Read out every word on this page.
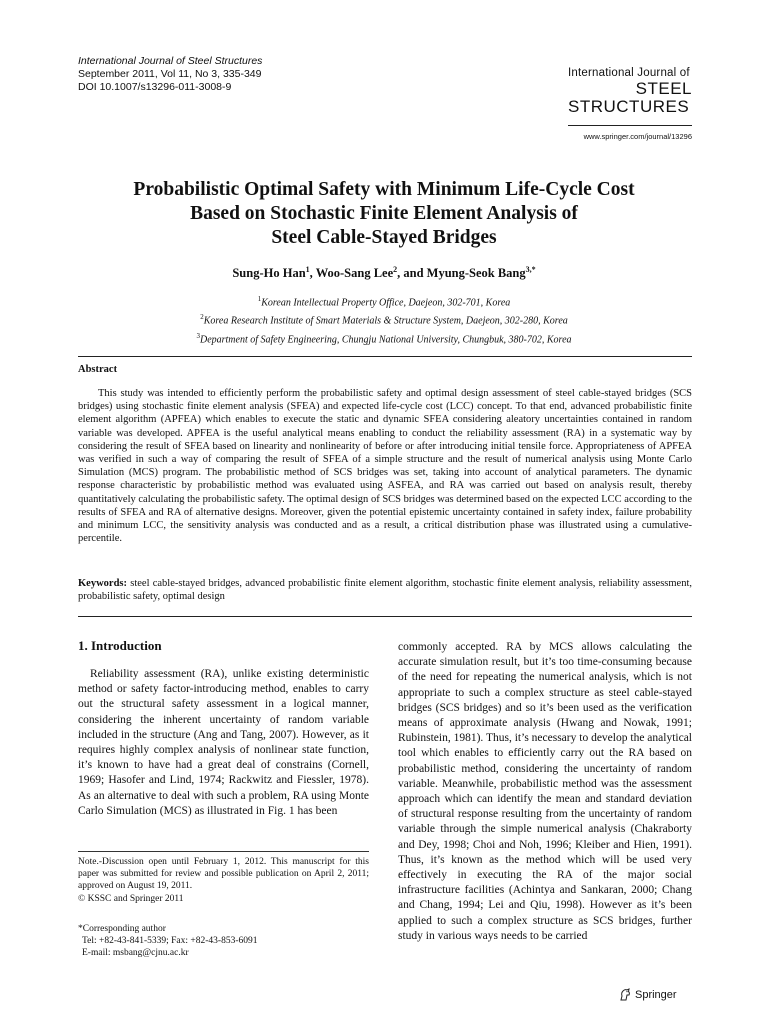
International Journal of Steel Structures
September 2011, Vol 11, No 3, 335-349
DOI 10.1007/s13296-011-3008-9
International Journal of
STEEL
STRUCTURES
www.springer.com/journal/13296
Probabilistic Optimal Safety with Minimum Life-Cycle Cost
Based on Stochastic Finite Element Analysis of
Steel Cable-Stayed Bridges
Sung-Ho Han$^1$, Woo-Sang Lee$^2$, and Myung-Seok Bang$^{3,*}$
$^1$Korean Intellectual Property Office, Daejeon, 302-701, Korea
$^2$Korea Research Institute of Smart Materials & Structure System, Daejeon, 302-280, Korea
$^3$Department of Safety Engineering, Chungju National University, Chungbuk, 380-702, Korea
Abstract

This study was intended to efficiently perform the probabilistic safety and optimal design assessment of steel cable-stayed bridges (SCS bridges) using stochastic finite element analysis (SFEA) and expected life-cycle cost (LCC) concept. To that end, advanced probabilistic finite element algorithm (APFEA) which enables to execute the static and dynamic SFEA considering aleatory uncertainties contained in random variable was developed. APFEA is the useful analytical means enabling to conduct the reliability assessment (RA) in a systematic way by considering the result of SFEA based on linearity and nonlinearity of before or after introducing initial tensile force. Appropriateness of APFEA was verified in such a way of comparing the result of SFEA of a simple structure and the result of numerical analysis using Monte Carlo Simulation (MCS) program. The probabilistic method of SCS bridges was set, taking into account of analytical parameters. The dynamic response characteristic by probabilistic method was evaluated using ASFEA, and RA was carried out based on analysis result, thereby quantitatively calculating the probabilistic safety. The optimal design of SCS bridges was determined based on the expected LCC according to the results of SFEA and RA of alternative designs. Moreover, given the potential epistemic uncertainty contained in safety index, failure probability and minimum LCC, the sensitivity analysis was conducted and as a result, a critical distribution phase was illustrated using a cumulative-percentile.

Keywords: steel cable-stayed bridges, advanced probabilistic finite element algorithm, stochastic finite element analysis, reliability assessment, probabilistic safety, optimal design

1. Introduction

Reliability assessment (RA), unlike existing deterministic method or safety factor-introducing method, enables to carry out the structural safety assessment in a logical manner, considering the inherent uncertainty of random variable included in the structure (Ang and Tang, 2007). However, as it requires highly complex analysis of nonlinear state function, it’s known to have had a great deal of constrains (Cornell, 1969; Hasofer and Lind, 1974; Rackwitz and Fiessler, 1978). As an alternative to deal with such a problem, RA using Monte Carlo Simulation (MCS) as illustrated in Fig. 1 has been

commonly accepted. RA by MCS allows calculating the accurate simulation result, but it’s too time-consuming because of the need for repeating the numerical analysis, which is not appropriate to such a complex structure as steel cable-stayed bridges (SCS bridges) and so it’s been used as the verification means of approximate analysis (Hwang and Nowak, 1991; Rubinstein, 1981). Thus, it’s necessary to develop the analytical tool which enables to efficiently carry out the RA based on probabilistic method, considering the uncertainty of random variable. Meanwhile, probabilistic method was the assessment approach which can identify the mean and standard deviation of structural response resulting from the uncertainty of random variable through the simple numerical analysis (Chakraborty and Dey, 1998; Choi and Noh, 1996; Kleiber and Hien, 1991). Thus, it’s known as the method which will be used very effectively in executing the RA of the major social infrastructure facilities (Achintya and Sankaran, 2000; Chang and Chang, 1994; Lei and Qiu, 1998). However as it’s been applied to such a complex structure as SCS bridges, further study in various ways needs to be carried

Note.-Discussion open until February 1, 2012. This manuscript for this paper was submitted for review and possible publication on April 2, 2011; approved on August 19, 2011.
© KSSC and Springer 2011
*Corresponding author
Tel: +82-43-841-5339; Fax: +82-43-853-6091
E-mail: msbang@cjnu.ac.kr
Springer
